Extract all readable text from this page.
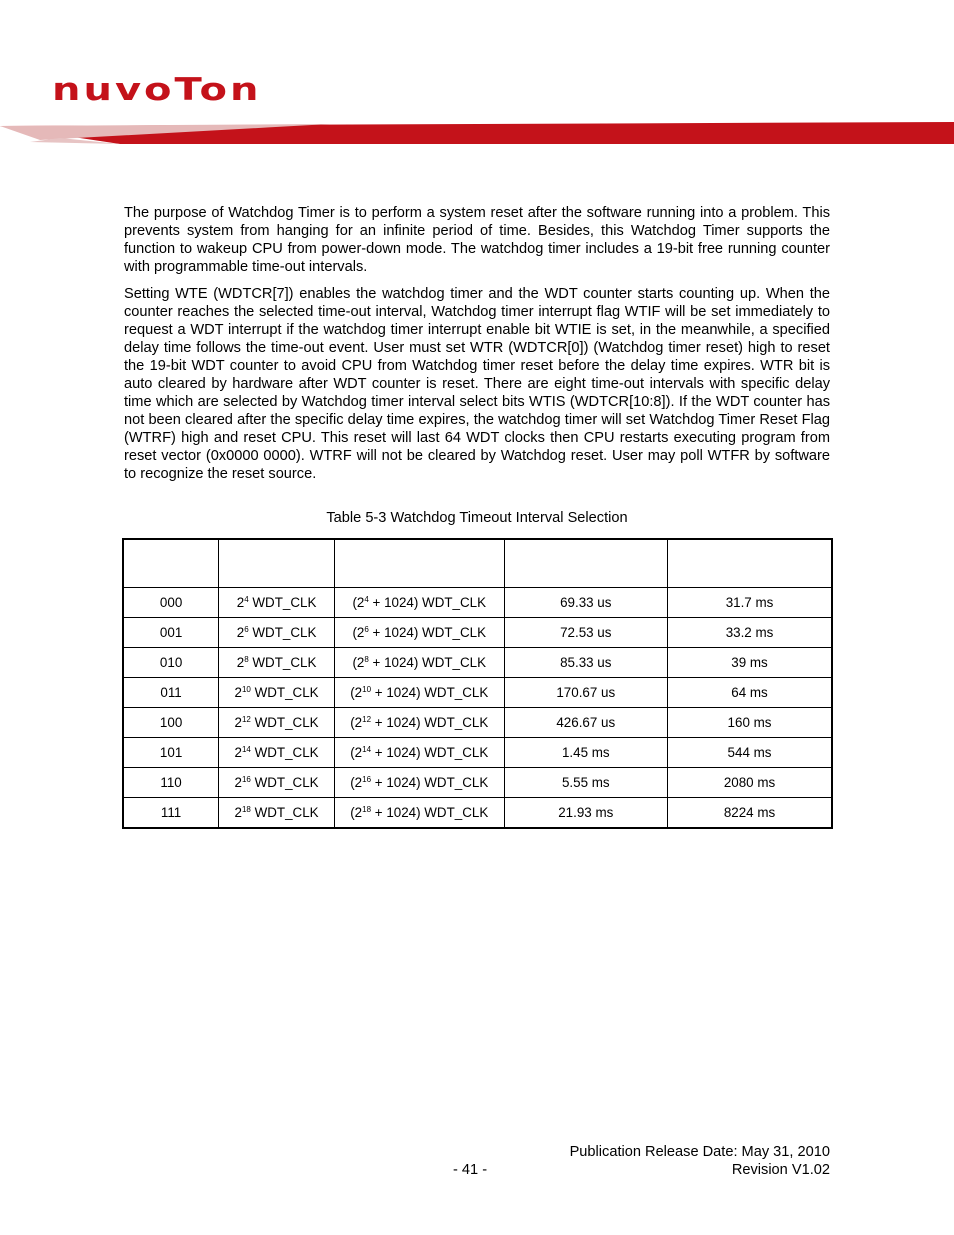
nuvoTon
The purpose of Watchdog Timer is to perform a system reset after the software running into a problem. This prevents system from hanging for an infinite period of time. Besides, this Watchdog Timer supports the function to wakeup CPU from power-down mode. The watchdog timer includes a 19-bit free running counter with programmable time-out intervals.
Setting WTE (WDTCR[7]) enables the watchdog timer and the WDT counter starts counting up. When the counter reaches the selected time-out interval, Watchdog timer interrupt flag WTIF will be set immediately to request a WDT interrupt if the watchdog timer interrupt enable bit WTIE is set, in the meanwhile, a specified delay time follows the time-out event. User must set WTR (WDTCR[0]) (Watchdog timer reset) high to reset the 19-bit WDT counter to avoid CPU from Watchdog timer reset before the delay time expires. WTR bit is auto cleared by hardware after WDT counter is reset. There are eight time-out intervals with specific delay time which are selected by Watchdog timer interval select bits WTIS (WDTCR[10:8]). If the WDT counter has not been cleared after the specific delay time expires, the watchdog timer will set Watchdog Timer Reset Flag (WTRF) high and reset CPU. This reset will last 64 WDT clocks then CPU restarts executing program from reset vector (0x0000 0000). WTRF will not be cleared by Watchdog reset. User may poll WTFR by software to recognize the reset source.
Table 5-3 Watchdog Timeout Interval Selection

000	$2^4$ WDT_CLK	$(2^4 + 1024)$ WDT_CLK	69.33 us	31.7 ms
001	$2^6$ WDT_CLK	$(2^6 + 1024)$ WDT_CLK	72.53 us	33.2 ms
010	$2^8$ WDT_CLK	$(2^8 + 1024)$ WDT_CLK	85.33 us	39 ms
011	$2^{10}$ WDT_CLK	$(2^{10} + 1024)$ WDT_CLK	170.67 us	64 ms
100	$2^{12}$ WDT_CLK	$(2^{12} + 1024)$ WDT_CLK	426.67 us	160 ms
101	$2^{14}$ WDT_CLK	$(2^{14} + 1024)$ WDT_CLK	1.45 ms	544 ms
110	$2^{16}$ WDT_CLK	$(2^{16} + 1024)$ WDT_CLK	5.55 ms	2080 ms
111	$2^{18}$ WDT_CLK	$(2^{18} + 1024)$ WDT_CLK	21.93 ms	8224 ms
Publication Release Date: May 31, 2010
- 41 -	Revision V1.02
